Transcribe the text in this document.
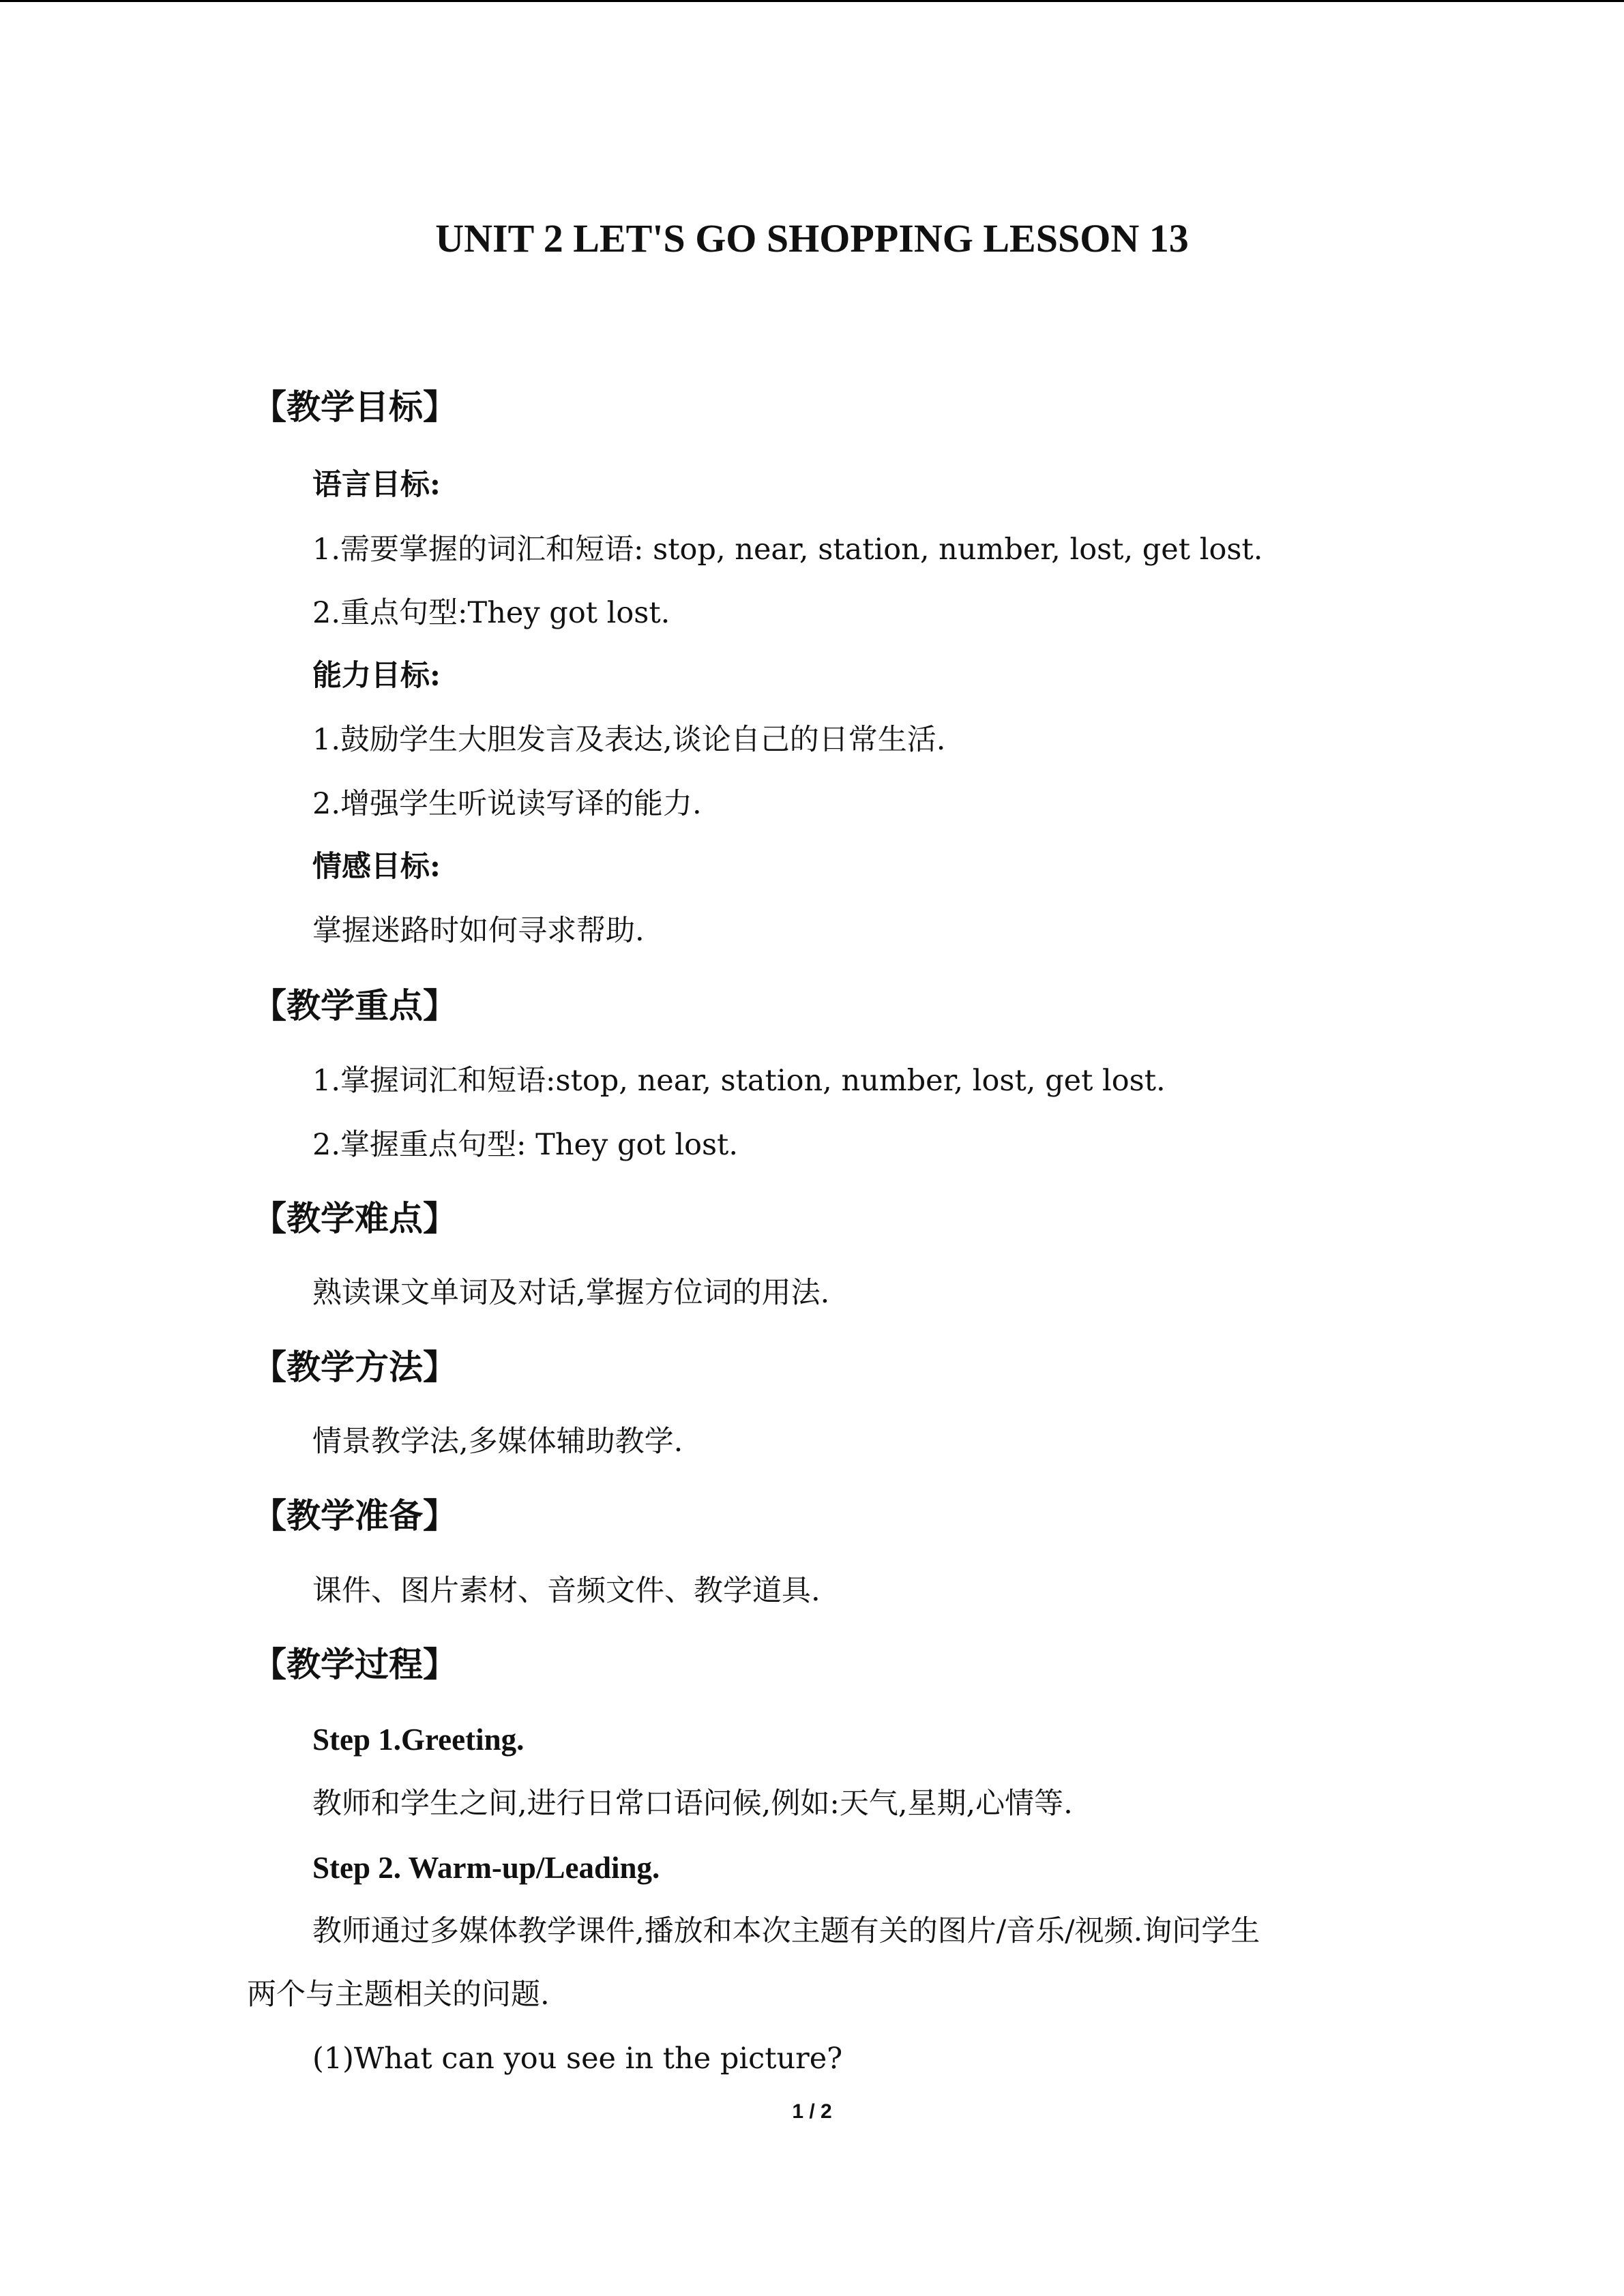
UNIT 2 LET'S GO SHOPPING LESSON 13

【教学目标】

语言目标:

1.需要掌握的词汇和短语: stop, near, station, number, lost, get lost.

2.重点句型:They got lost.

能力目标:

1.鼓励学生大胆发言及表达,谈论自己的日常生活.

2.增强学生听说读写译的能力.

情感目标:

掌握迷路时如何寻求帮助.

【教学重点】

1.掌握词汇和短语:stop, near, station, number, lost, get lost.

2.掌握重点句型: They got lost.

【教学难点】

熟读课文单词及对话,掌握方位词的用法.

【教学方法】

情景教学法,多媒体辅助教学.

【教学准备】

课件、图片素材、音频文件、教学道具.

【教学过程】

Step 1.Greeting.

教师和学生之间,进行日常口语问候,例如:天气,星期,心情等.

Step 2. Warm-up/Leading.

教师通过多媒体教学课件,播放和本次主题有关的图片/音乐/视频.询问学生

两个与主题相关的问题.

(1)What can you see in the picture?

1 / 2
